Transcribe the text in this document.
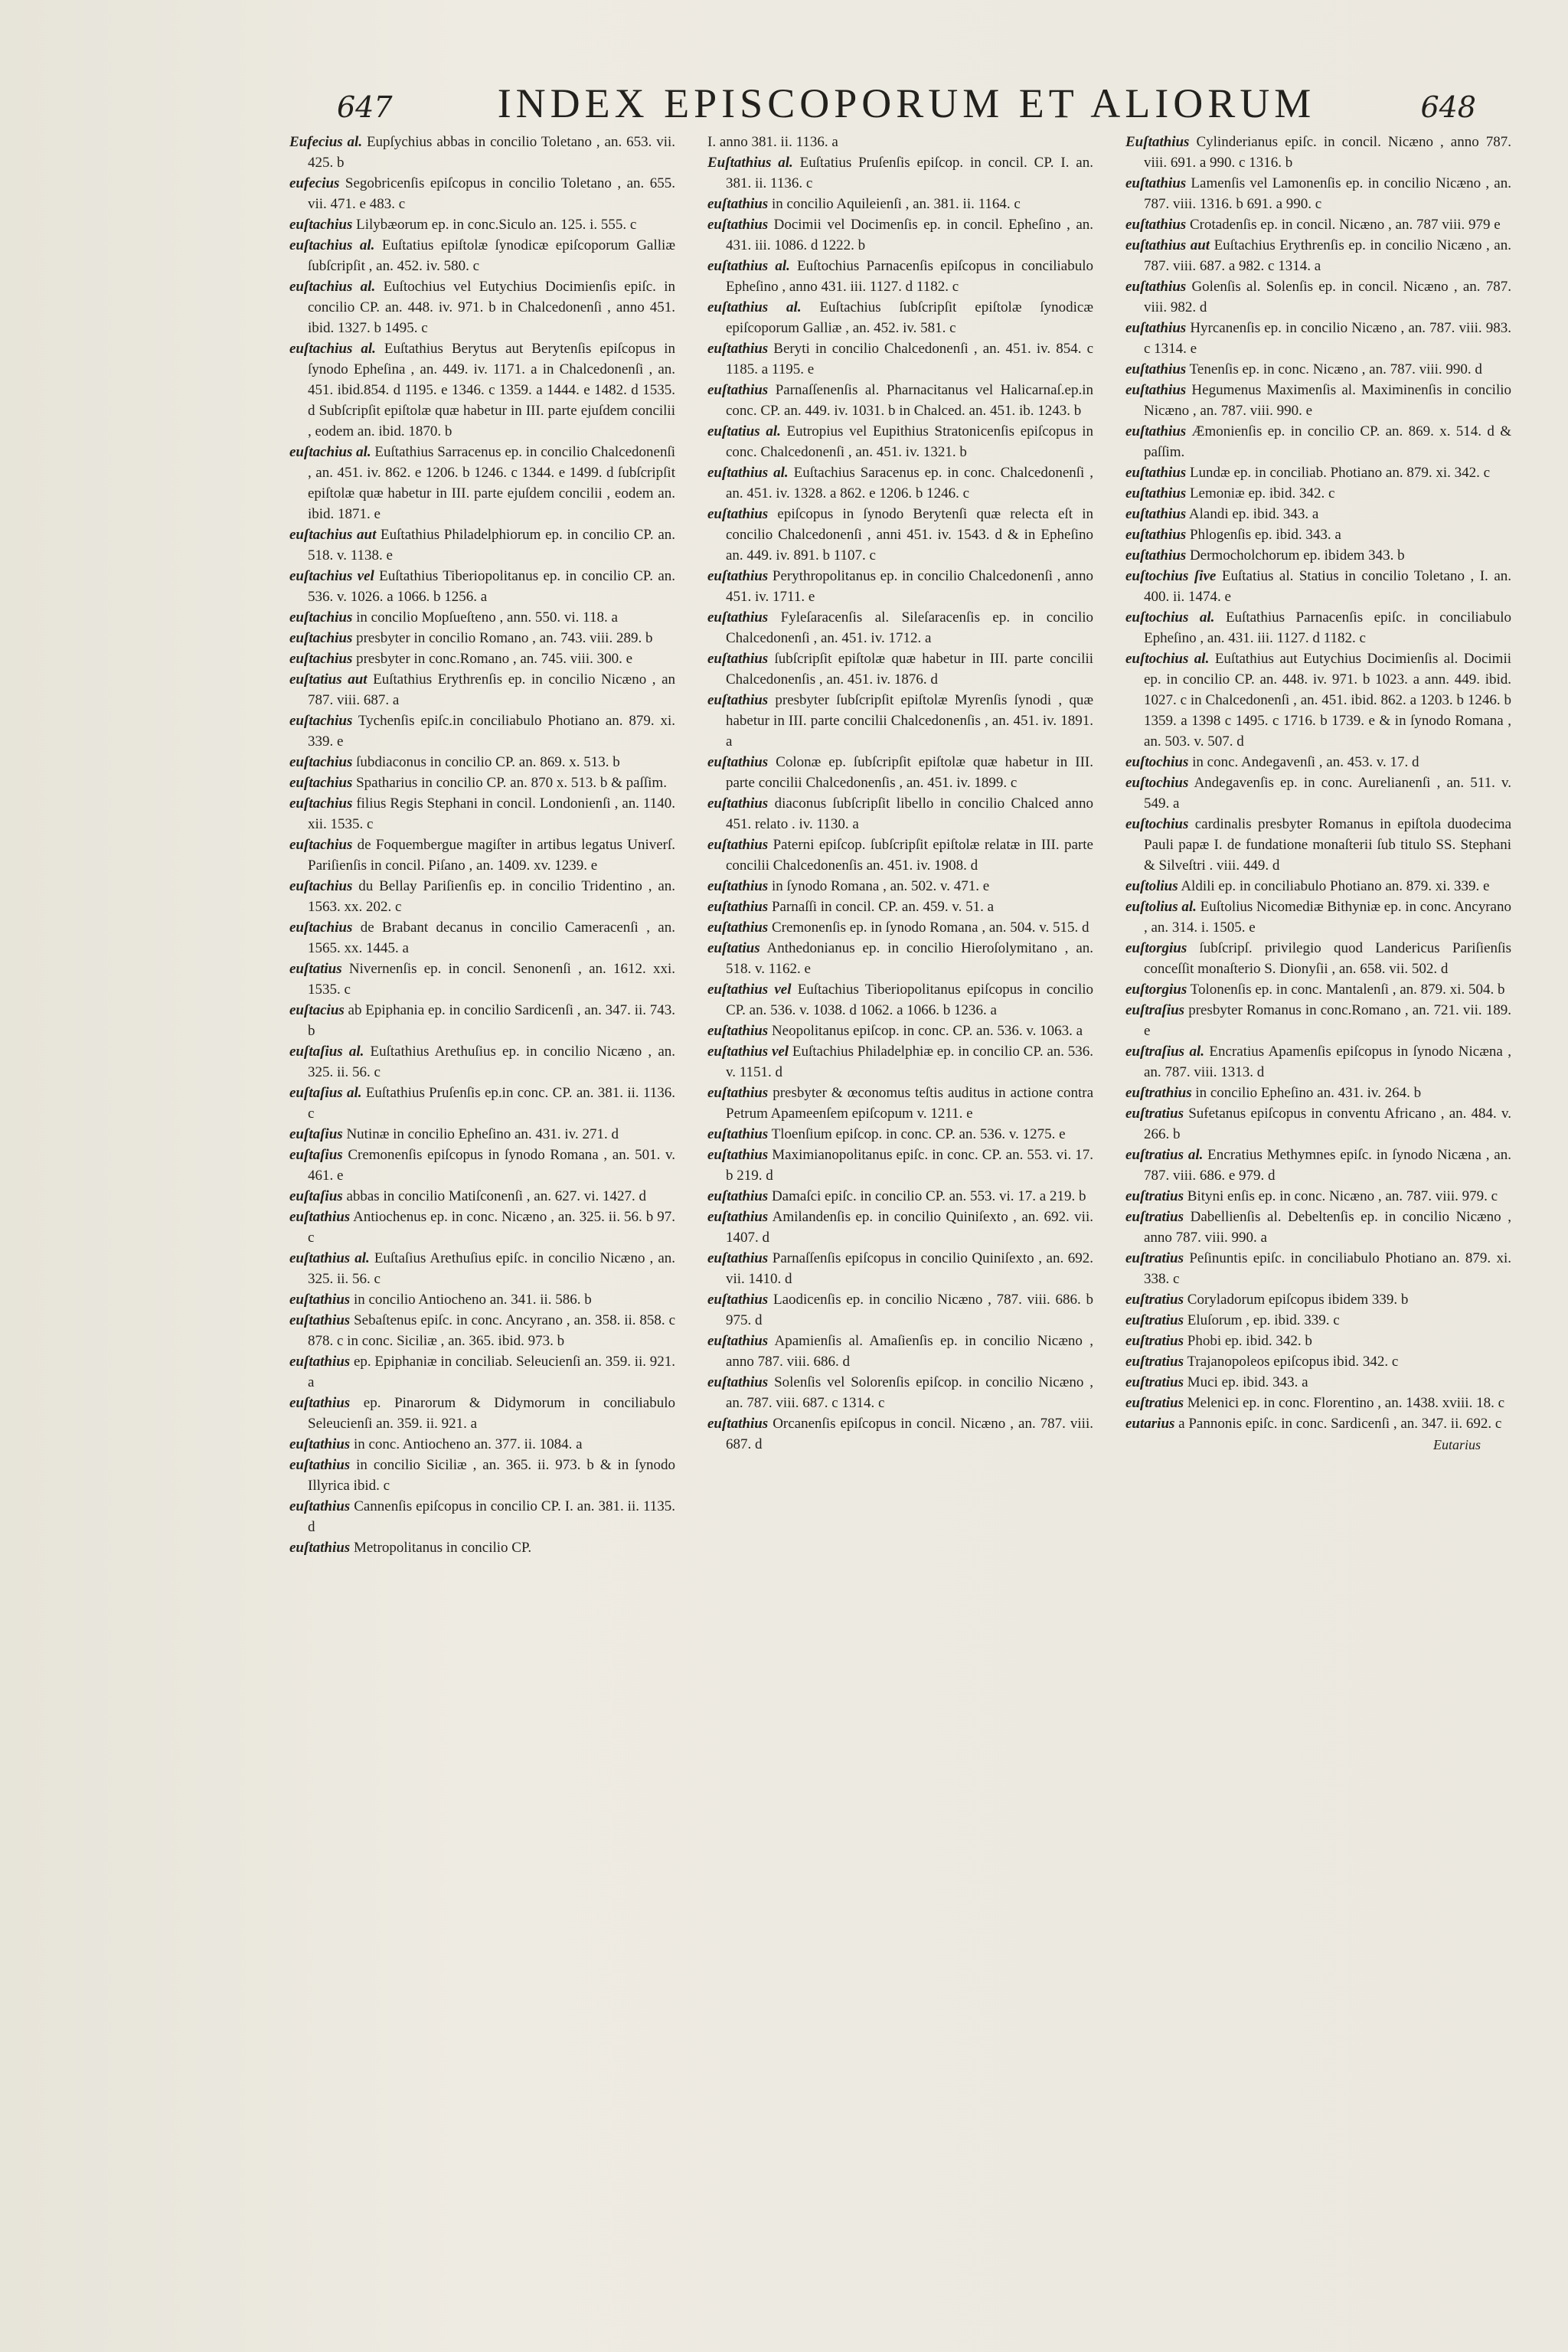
647	INDEX EPISCOPORUM ET ALIORUM	648

Eufecius al. Eupſychius abbas in concilio Toletano , an. 653. vii. 425. b

eufecius Segobricenſis epiſcopus in concilio Toletano , an. 655. vii. 471. e 483. c

euſtachius Lilybæorum ep. in conc.Siculo an. 125. i. 555. c

euſtachius al. Euſtatius epiſtolæ ſynodicæ epiſcoporum Galliæ ſubſcripſit , an. 452. iv. 580. c

euſtachius al. Euſtochius vel Eutychius Docimienſis epiſc. in concilio CP. an. 448. iv. 971. b in Chalcedonenſi , anno 451. ibid. 1327. b 1495. c

euſtachius al. Euſtathius Berytus aut Berytenſis epiſcopus in ſynodo Epheſina , an. 449. iv. 1171. a in Chalcedonenſi , an. 451. ibid.854. d 1195. e 1346. c 1359. a 1444. e 1482. d 1535. d Subſcripſit epiſtolæ quæ habetur in III. parte ejuſdem concilii , eodem an. ibid. 1870. b

euſtachius al. Euſtathius Sarracenus ep. in concilio Chalcedonenſi , an. 451. iv. 862. e 1206. b 1246. c 1344. e 1499. d ſubſcripſit epiſtolæ quæ habetur in III. parte ejuſdem concilii , eodem an. ibid. 1871. e

euſtachius aut Euſtathius Philadelphiorum ep. in concilio CP. an. 518. v. 1138. e

euſtachius vel Euſtathius Tiberiopolitanus ep. in concilio CP. an. 536. v. 1026. a 1066. b 1256. a

euſtachius in concilio Mopſueſteno , ann. 550. vi. 118. a

euſtachius presbyter in concilio Romano , an. 743. viii. 289. b

euſtachius presbyter in conc.Romano , an. 745. viii. 300. e

euſtatius aut Euſtathius Erythrenſis ep. in concilio Nicæno , an 787. viii. 687. a

euſtachius Tychenſis epiſc.in conciliabulo Photiano an. 879. xi. 339. e

euſtachius ſubdiaconus in concilio CP. an. 869. x. 513. b

euſtachius Spatharius in concilio CP. an. 870 x. 513. b & paſſim.

euſtachius filius Regis Stephani in concil. Londonienſi , an. 1140. xii. 1535. c

euſtachius de Foquembergue magiſter in artibus legatus Univerſ. Pariſienſis in concil. Piſano , an. 1409. xv. 1239. e

euſtachius du Bellay Pariſienſis ep. in concilio Tridentino , an. 1563. xx. 202. c

euſtachius de Brabant decanus in concilio Cameracenſi , an. 1565. xx. 1445. a

euſtatius Nivernenſis ep. in concil. Senonenſi , an. 1612. xxi. 1535. c

euſtacius ab Epiphania ep. in concilio Sardicenſi , an. 347. ii. 743. b

euſtaſius al. Euſtathius Arethuſius ep. in concilio Nicæno , an. 325. ii. 56. c

euſtaſius al. Euſtathius Pruſenſis ep.in conc. CP. an. 381. ii. 1136. c

euſtaſius Nutinæ in concilio Epheſino an. 431. iv. 271. d

euſtaſius Cremonenſis epiſcopus in ſynodo Romana , an. 501. v. 461. e

euſtaſius abbas in concilio Matiſconenſi , an. 627. vi. 1427. d

euſtathius Antiochenus ep. in conc. Nicæno , an. 325. ii. 56. b 97. c

euſtathius al. Euſtaſius Arethuſius epiſc. in concilio Nicæno , an. 325. ii. 56. c

euſtathius in concilio Antiocheno an. 341. ii. 586. b

euſtathius Sebaſtenus epiſc. in conc. Ancyrano , an. 358. ii. 858. c 878. c in conc. Siciliæ , an. 365. ibid. 973. b

euſtathius ep. Epiphaniæ in conciliab. Seleucienſi an. 359. ii. 921. a

euſtathius ep. Pinarorum & Didymorum in conciliabulo Seleucienſi an. 359. ii. 921. a

euſtathius in conc. Antiocheno an. 377. ii. 1084. a

euſtathius in concilio Siciliæ , an. 365. ii. 973. b & in ſynodo Illyrica ibid. c

euſtathius Cannenſis epiſcopus in concilio CP. I. an. 381. ii. 1135. d

euſtathius Metropolitanus in concilio CP.

I. anno 381. ii. 1136. a

Euſtathius al. Euſtatius Pruſenſis epiſcop. in concil. CP. I. an. 381. ii. 1136. c

euſtathius in concilio Aquileienſi , an. 381. ii. 1164. c

euſtathius Docimii vel Docimenſis ep. in concil. Epheſino , an. 431. iii. 1086. d 1222. b

euſtathius al. Euſtochius Parnacenſis epiſcopus in conciliabulo Epheſino , anno 431. iii. 1127. d 1182. c

euſtathius al. Euſtachius ſubſcripſit epiſtolæ ſynodicæ epiſcoporum Galliæ , an. 452. iv. 581. c

euſtathius Beryti in concilio Chalcedonenſi , an. 451. iv. 854. c 1185. a 1195. e

euſtathius Parnaſſenenſis al. Pharnacitanus vel Halicarnaſ.ep.in conc. CP. an. 449. iv. 1031. b in Chalced. an. 451. ib. 1243. b

euſtatius al. Eutropius vel Eupithius Stratonicenſis epiſcopus in conc. Chalcedonenſi , an. 451. iv. 1321. b

euſtathius al. Euſtachius Saracenus ep. in conc. Chalcedonenſi , an. 451. iv. 1328. a 862. e 1206. b 1246. c

euſtathius epiſcopus in ſynodo Berytenſi quæ relecta eſt in concilio Chalcedonenſi , anni 451. iv. 1543. d & in Epheſino an. 449. iv. 891. b 1107. c

euſtathius Perythropolitanus ep. in concilio Chalcedonenſi , anno 451. iv. 1711. e

euſtathius Fyleſaracenſis al. Sileſaracenſis ep. in concilio Chalcedonenſi , an. 451. iv. 1712. a

euſtathius ſubſcripſit epiſtolæ quæ habetur in III. parte concilii Chalcedonenſis , an. 451. iv. 1876. d

euſtathius presbyter ſubſcripſit epiſtolæ Myrenſis ſynodi , quæ habetur in III. parte concilii Chalcedonenſis , an. 451. iv. 1891. a

euſtathius Colonæ ep. ſubſcripſit epiſtolæ quæ habetur in III. parte concilii Chalcedonenſis , an. 451. iv. 1899. c

euſtathius diaconus ſubſcripſit libello in concilio Chalced anno 451. relato . iv. 1130. a

euſtathius Paterni epiſcop. ſubſcripſit epiſtolæ relatæ in III. parte concilii Chalcedonenſis an. 451. iv. 1908. d

euſtathius in ſynodo Romana , an. 502. v. 471. e

euſtathius Parnaſſi in concil. CP. an. 459. v. 51. a

euſtathius Cremonenſis ep. in ſynodo Romana , an. 504. v. 515. d

euſtatius Anthedonianus ep. in concilio Hieroſolymitano , an. 518. v. 1162. e

euſtathius vel Euſtachius Tiberiopolitanus epiſcopus in concilio CP. an. 536. v. 1038. d 1062. a 1066. b 1236. a

euſtathius Neopolitanus epiſcop. in conc. CP. an. 536. v. 1063. a

euſtathius vel Euſtachius Philadelphiæ ep. in concilio CP. an. 536. v. 1151. d

euſtathius presbyter & œconomus teſtis auditus in actione contra Petrum Apameenſem epiſcopum v. 1211. e

euſtathius Tloenſium epiſcop. in conc. CP. an. 536. v. 1275. e

euſtathius Maximianopolitanus epiſc. in conc. CP. an. 553. vi. 17. b 219. d

euſtathius Damaſci epiſc. in concilio CP. an. 553. vi. 17. a 219. b

euſtathius Amilandenſis ep. in concilio Quiniſexto , an. 692. vii. 1407. d

euſtathius Parnaſſenſis epiſcopus in concilio Quiniſexto , an. 692. vii. 1410. d

euſtathius Laodicenſis ep. in concilio Nicæno , 787. viii. 686. b 975. d

euſtathius Apamienſis al. Amaſienſis ep. in concilio Nicæno , anno 787. viii. 686. d

euſtathius Solenſis vel Solorenſis epiſcop. in concilio Nicæno , an. 787. viii. 687. c 1314. c

euſtathius Orcanenſis epiſcopus in concil. Nicæno , an. 787. viii. 687. d

Euſtathius Cylinderianus epiſc. in concil. Nicæno , anno 787. viii. 691. a 990. c 1316. b

euſtathius Lamenſis vel Lamonenſis ep. in concilio Nicæno , an. 787. viii. 1316. b 691. a 990. c

euſtathius Crotadenſis ep. in concil. Nicæno , an. 787 viii. 979 e

euſtathius aut Euſtachius Erythrenſis ep. in concilio Nicæno , an. 787. viii. 687. a 982. c 1314. a

euſtathius Golenſis al. Solenſis ep. in concil. Nicæno , an. 787. viii. 982. d

euſtathius Hyrcanenſis ep. in concilio Nicæno , an. 787. viii. 983. c 1314. e

euſtathius Tenenſis ep. in conc. Nicæno , an. 787. viii. 990. d

euſtathius Hegumenus Maximenſis al. Maximinenſis in concilio Nicæno , an. 787. viii. 990. e

euſtathius Æmonienſis ep. in concilio CP. an. 869. x. 514. d & paſſim.

euſtathius Lundæ ep. in conciliab. Photiano an. 879. xi. 342. c

euſtathius Lemoniæ ep. ibid. 342. c

euſtathius Alandi ep. ibid. 343. a

euſtathius Phlogenſis ep. ibid. 343. a

euſtathius Dermocholchorum ep. ibidem 343. b

euſtochius ſive Euſtatius al. Statius in concilio Toletano , I. an. 400. ii. 1474. e

euſtochius al. Euſtathius Parnacenſis epiſc. in conciliabulo Epheſino , an. 431. iii. 1127. d 1182. c

euſtochius al. Euſtathius aut Eutychius Docimienſis al. Docimii ep. in concilio CP. an. 448. iv. 971. b 1023. a ann. 449. ibid. 1027. c in Chalcedonenſi , an. 451. ibid. 862. a 1203. b 1246. b 1359. a 1398 c 1495. c 1716. b 1739. e & in ſynodo Romana , an. 503. v. 507. d

euſtochius in conc. Andegavenſi , an. 453. v. 17. d

euſtochius Andegavenſis ep. in conc. Aurelianenſi , an. 511. v. 549. a

euſtochius cardinalis presbyter Romanus in epiſtola duodecima Pauli papæ I. de fundatione monaſterii ſub titulo SS. Stephani & Silveſtri . viii. 449. d

euſtolius Aldili ep. in conciliabulo Photiano an. 879. xi. 339. e

euſtolius al. Euſtolius Nicomediæ Bithyniæ ep. in conc. Ancyrano , an. 314. i. 1505. e

euſtorgius ſubſcripſ. privilegio quod Landericus Pariſienſis conceſſit monaſterio S. Dionyſii , an. 658. vii. 502. d

euſtorgius Tolonenſis ep. in conc. Mantalenſi , an. 879. xi. 504. b

euſtraſius presbyter Romanus in conc.Romano , an. 721. vii. 189. e

euſtraſius al. Encratius Apamenſis epiſcopus in ſynodo Nicæna , an. 787. viii. 1313. d

euſtrathius in concilio Epheſino an. 431. iv. 264. b

euſtratius Sufetanus epiſcopus in conventu Africano , an. 484. v. 266. b

euſtratius al. Encratius Methymnes epiſc. in ſynodo Nicæna , an. 787. viii. 686. e 979. d

euſtratius Bityni enſis ep. in conc. Nicæno , an. 787. viii. 979. c

euſtratius Dabellienſis al. Debeltenſis ep. in concilio Nicæno , anno 787. viii. 990. a

euſtratius Peſinuntis epiſc. in conciliabulo Photiano an. 879. xi. 338. c

euſtratius Coryladorum epiſcopus ibidem 339. b

euſtratius Eluſorum , ep. ibid. 339. c

euſtratius Phobi ep. ibid. 342. b

euſtratius Trajanopoleos epiſcopus ibid. 342. c

euſtratius Muci ep. ibid. 343. a

euſtratius Melenici ep. in conc. Florentino , an. 1438. xviii. 18. c

eutarius a Pannonis epiſc. in conc. Sardicenſi , an. 347. ii. 692. c

Eutarius
